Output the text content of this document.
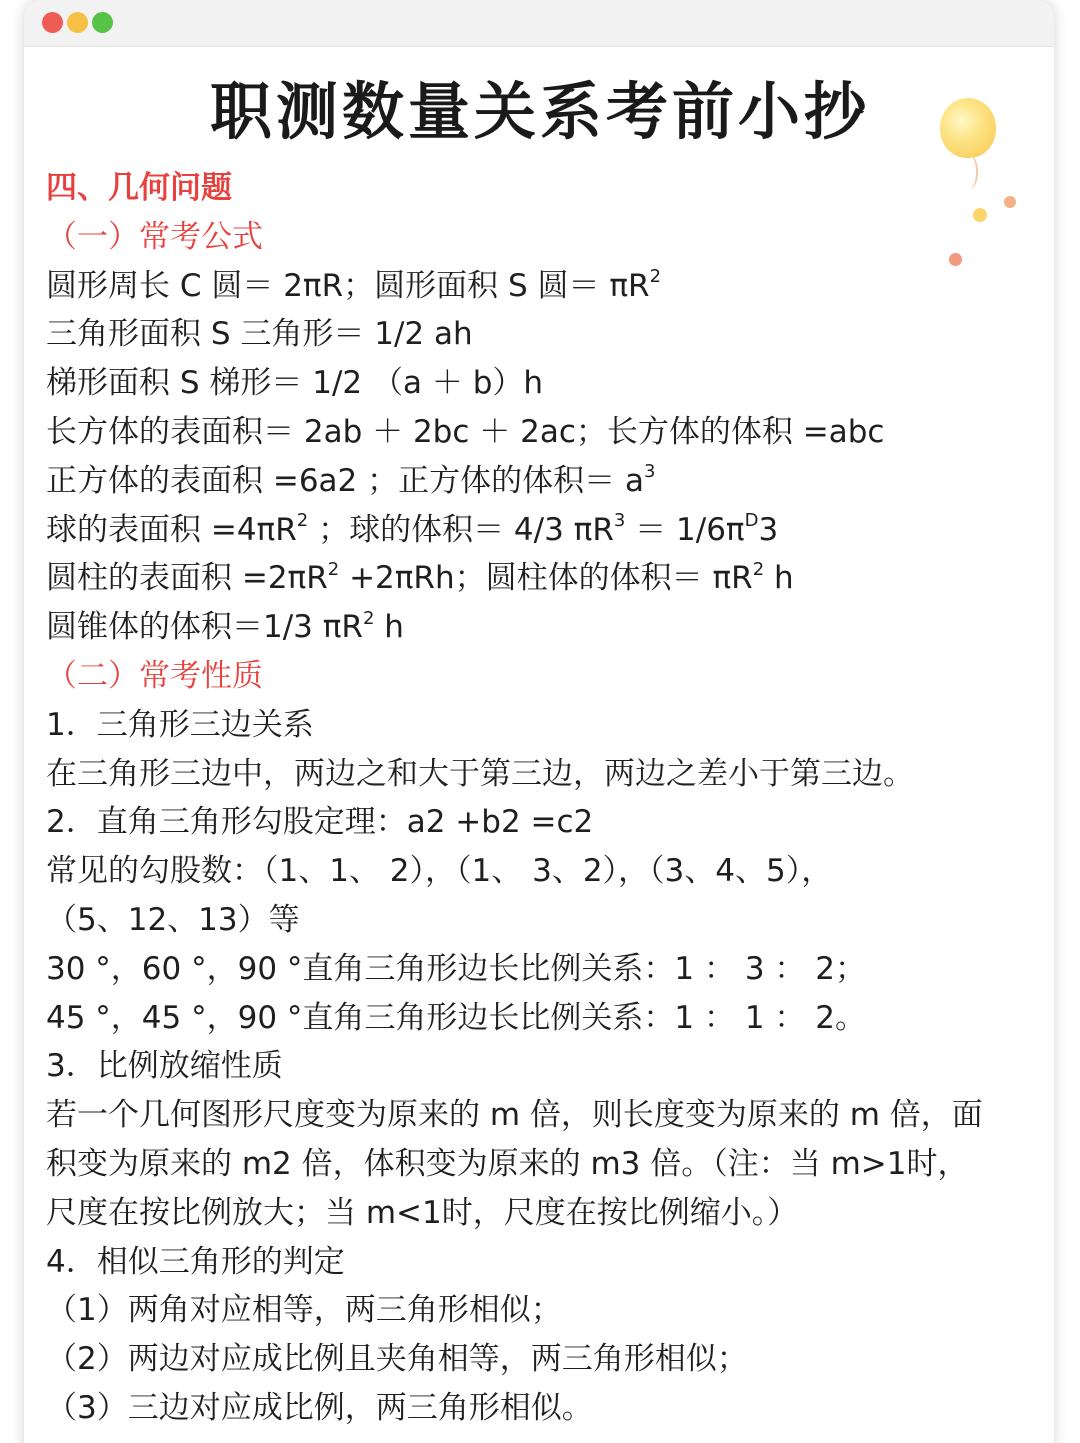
职测数量关系考前小抄
四、几何问题
（一）常考公式
圆形周长 C 圆＝ 2πR；圆形面积 S 圆＝ $\pi R^2$
三角形面积 S 三角形＝ 1/2 ah
梯形面积 S 梯形＝ 1/2 （a ＋ b）h
长方体的表面积＝ 2ab ＋ 2bc ＋ 2ac；长方体的体积 =abc
正方体的表面积 =6a2 ；正方体的体积＝ $a^3$
球的表面积 $=4\pi R^2$ ；球的体积＝ 4/3 $\pi R^3 = 1/6\pi^D3$
圆柱的表面积 $=2\pi R^2 +2\pi Rh$；圆柱体的体积＝ $\pi R^2$ h
圆锥体的体积＝1/3 $\pi R^2$ h
（二）常考性质
1．三角形三边关系
在三角形三边中，两边之和大于第三边，两边之差小于第三边。
2．直角三角形勾股定理：a2 +b2 =c2
常见的勾股数：（1、1、 2），（1、 3、2），（3、4、5），
（5、12、13）等
30 °，60 °，90 °直角三角形边长比例关系：1 ： 3 ： 2；
45 °，45 °，90 °直角三角形边长比例关系：1 ： 1 ： 2。
3．比例放缩性质
若一个几何图形尺度变为原来的 m 倍，则长度变为原来的 m 倍，面
积变为原来的 m2 倍，体积变为原来的 m3 倍。（注：当 m>1时，
尺度在按比例放大；当 m<1时，尺度在按比例缩小。）
4．相似三角形的判定
（1）两角对应相等，两三角形相似；
（2）两边对应成比例且夹角相等，两三角形相似；
（3）三边对应成比例，两三角形相似。
